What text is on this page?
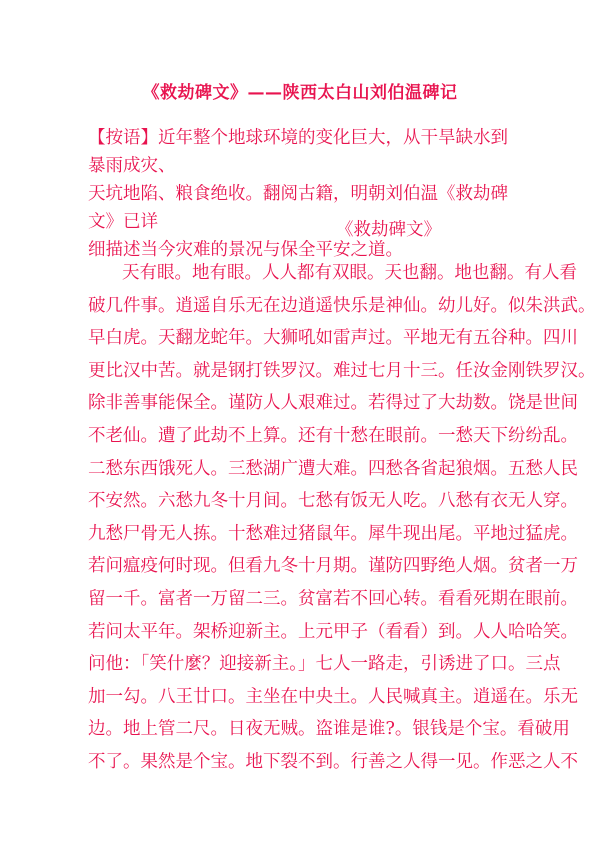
《救劫碑文》——陕西太白山刘伯温碑记
【按语】近年整个地球环境的变化巨大，从干旱缺水到暴雨成灾、
天坑地陷、粮食绝收。翻阅古籍，明朝刘伯温《救劫碑文》已详
细描述当今灾难的景况与保全平安之道。
《救劫碑文》
天有眼。地有眼。人人都有双眼。天也翻。地也翻。有人看
破几件事。逍遥自乐无在边逍遥快乐是神仙。幼儿好。似朱洪武。
早白虎。天翻龙蛇年。大狮吼如雷声过。平地无有五谷种。四川
更比汉中苦。就是钢打铁罗汉。难过七月十三。任汝金刚铁罗汉。
除非善事能保全。谨防人人艰难过。若得过了大劫数。饶是世间
不老仙。遭了此劫不上算。还有十愁在眼前。一愁天下纷纷乱。
二愁东西饿死人。三愁湖广遭大难。四愁各省起狼烟。五愁人民
不安然。六愁九冬十月间。七愁有饭无人吃。八愁有衣无人穿。
九愁尸骨无人拣。十愁难过猪鼠年。犀牛现出尾。平地过猛虎。
若问瘟疫何时现。但看九冬十月期。谨防四野绝人烟。贫者一万
留一千。富者一万留二三。贫富若不回心转。看看死期在眼前。
若问太平年。架桥迎新主。上元甲子（看看）到。人人哈哈笑。
问他：「笑什麼？迎接新主。」七人一路走，引诱进了口。三点
加一勾。八王廿口。主坐在中央土。人民喊真主。逍遥在。乐无
边。地上管二尺。日夜无贼。盗谁是谁?。银钱是个宝。看破用
不了。果然是个宝。地下裂不到。行善之人得一见。作恶之人不
